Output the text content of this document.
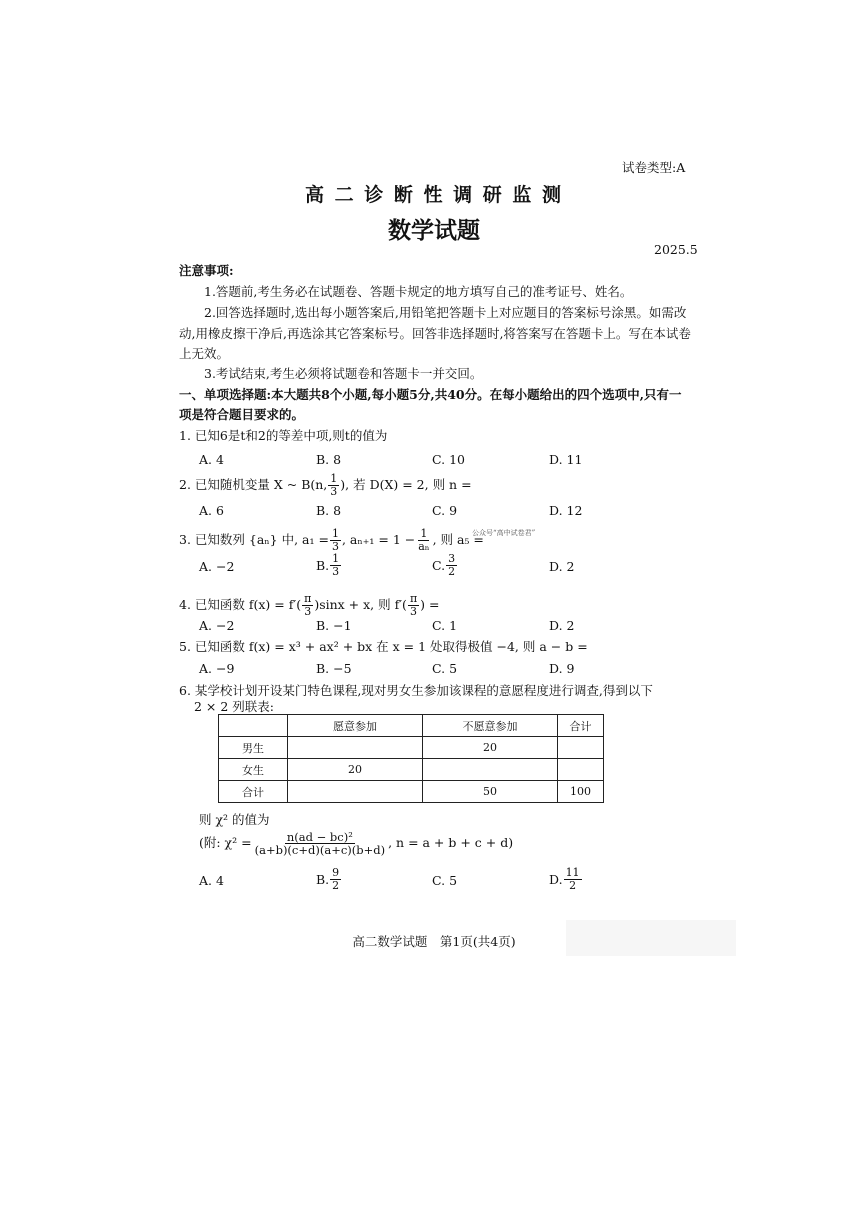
试卷类型:A
高 二 诊 断 性 调 研 监 测
数学试题
2025.5
注意事项:
1.答题前,考生务必在试题卷、答题卡规定的地方填写自己的准考证号、姓名。
2.回答选择题时,选出每小题答案后,用铅笔把答题卡上对应题目的答案标号涂黑。如需改
动,用橡皮擦干净后,再选涂其它答案标号。回答非选择题时,将答案写在答题卡上。写在本试卷
上无效。
3.考试结束,考生必须将试题卷和答题卡一并交回。
一、单项选择题:本大题共8个小题,每小题5分,共40分。在每小题给出的四个选项中,只有一
项是符合题目要求的。
1. 已知6是t和2的等差中项,则t的值为
A. 4	B. 8	C. 10	D. 11
2. 已知随机变量 X ~ B(n, $\frac{1}{3}$ ), 若 D(X) = 2, 则 n =
A. 6	B. 8	C. 9	D. 12
3. 已知数列 {aₙ} 中, $a_1 = \frac{1}{3}$ , $a_{n+1} = 1 - \frac{1}{\text{aₙ}}$ , 则 a₅ =
公众号“高中试卷君”
A. −2	B. $\frac{1}{3}$	C. $\frac{3}{2}$	D. 2
4. 已知函数 $f(x) = f'( \frac{\pi}{3} )\sin x + x$, 则 $f'( \frac{\pi}{3}$ ) =
A. −2	B. −1	C. 1	D. 2
5. 已知函数 f(x) = x³ + ax² + bx 在 x = 1 处取得极值 −4, 则 a − b =
A. −9	B. −5	C. 5	D. 9
6. 某学校计划开设某门特色课程,现对男女生参加该课程的意愿程度进行调查,得到以下
2 × 2 列联表:
	愿意参加	不愿意参加	合计
男生		20	
女生	20		
合计		50	100
则 χ² 的值为
(附: $\chi^2 = \frac{\text{n(ad − bc)²}}{(a+b)(c+d)(a+c)(b+d)}$ , n = a + b + c + d)
A. 4	B. $\frac{9}{2}$	C. 5	D. $\frac{11}{2}$
高二数学试题　第1页(共4页)
